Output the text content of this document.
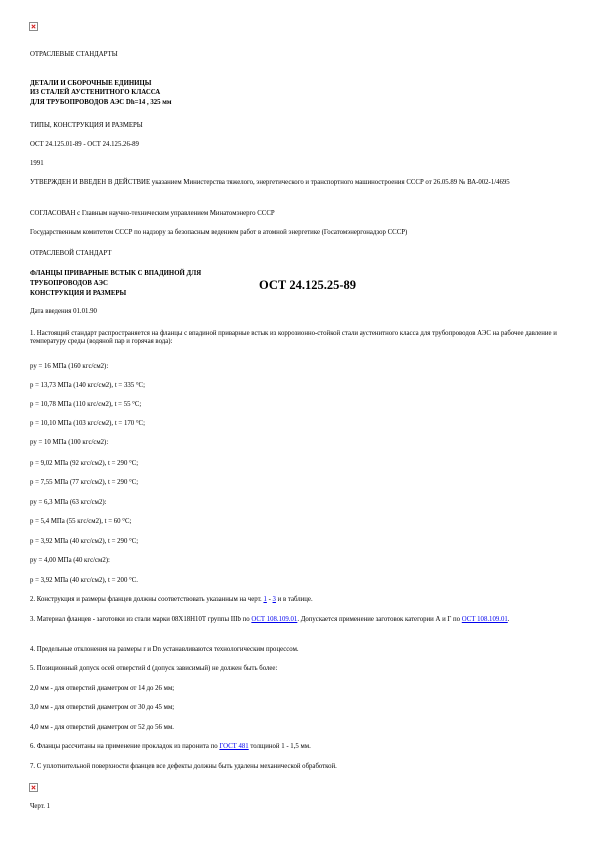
ОТРАСЛЕВЫЕ СТАНДАРТЫ
ДЕТАЛИ И СБОРОЧНЫЕ ЕДИНИЦЫ
ИЗ СТАЛЕЙ АУСТЕНИТНОГО КЛАССА
ДЛЯ ТРУБОПРОВОДОВ АЭС Dh=14 , 325 мм
ТИПЫ, КОНСТРУКЦИЯ И РАЗМЕРЫ
ОСТ 24.125.01-89 - ОСТ 24.125.26-89
1991
УТВЕРЖДЕН И ВВЕДЕН В ДЕЙСТВИЕ указанием Министерства тяжелого, энергетического и транспортного машиностроения СССР от 26.05.89 № ВА-002-1/4695
СОГЛАСОВАН с Главным научно-техническим управлением Минатомэнерго СССР
Государственным комитетом СССР по надзору за безопасным ведением работ в атомной энергетике (Госатомэнергонадзор СССР)
ОТРАСЛЕВОЙ СТАНДАРТ
ФЛАНЦЫ ПРИВАРНЫЕ ВСТЫК С ВПАДИНОЙ ДЛЯ
ТРУБОПРОВОДОВ АЭС
КОНСТРУКЦИЯ И РАЗМЕРЫ
ОСТ 24.125.25-89
Дата введения 01.01.90
1. Настоящий стандарт распространяется на фланцы с впадиной приварные встык из коррозионно-стойкой стали аустенитного класса для трубопроводов АЭС на рабочее давление и температуру среды (водяной пар и горячая вода):
py = 16 МПа (160 кгс/см2):
p = 13,73 МПа (140 кгс/см2), t = 335 °С;
p = 10,78 МПа (110 кгс/см2), t = 55 °С;
p = 10,10 МПа (103 кгс/см2), t = 170 °С;
py = 10 МПа (100 кгс/см2):
p = 9,02 МПа (92 кгс/см2), t = 290 °С;
p = 7,55 МПа (77 кгс/см2), t = 290 °С;
py = 6,3 МПа (63 кгс/см2):
p = 5,4 МПа (55 кгс/см2), t = 60 °С;
p = 3,92 МПа (40 кгс/см2), t = 290 °С;
py = 4,00 МПа (40 кгс/см2):
p = 3,92 МПа (40 кгс/см2), t = 200 °С.
2. Конструкция и размеры фланцев должны соответствовать указанным на черт. 1 - 3 и в таблице.
3. Материал фланцев - заготовки из стали марки 08Х18Н10Т группы IIIb по ОСТ 108.109.01. Допускается применение заготовок категории А и Г по ОСТ 108.109.01.
4. Предельные отклонения на размеры r и Dn устанавливаются технологическим процессом.
5. Позиционный допуск осей отверстий d (допуск зависимый) не должен быть более:
2,0 мм - для отверстий диаметром от 14 до 26 мм;
3,0 мм - для отверстий диаметром от 30 до 45 мм;
4,0 мм - для отверстий диаметром от 52 до 56 мм.
6. Фланцы рассчитаны на применение прокладок из паронита по ГОСТ 481 толщиной 1 - 1,5 мм.
7. С уплотнительной поверхности фланцев все дефекты должны быть удалены механической обработкой.
Черт. 1
